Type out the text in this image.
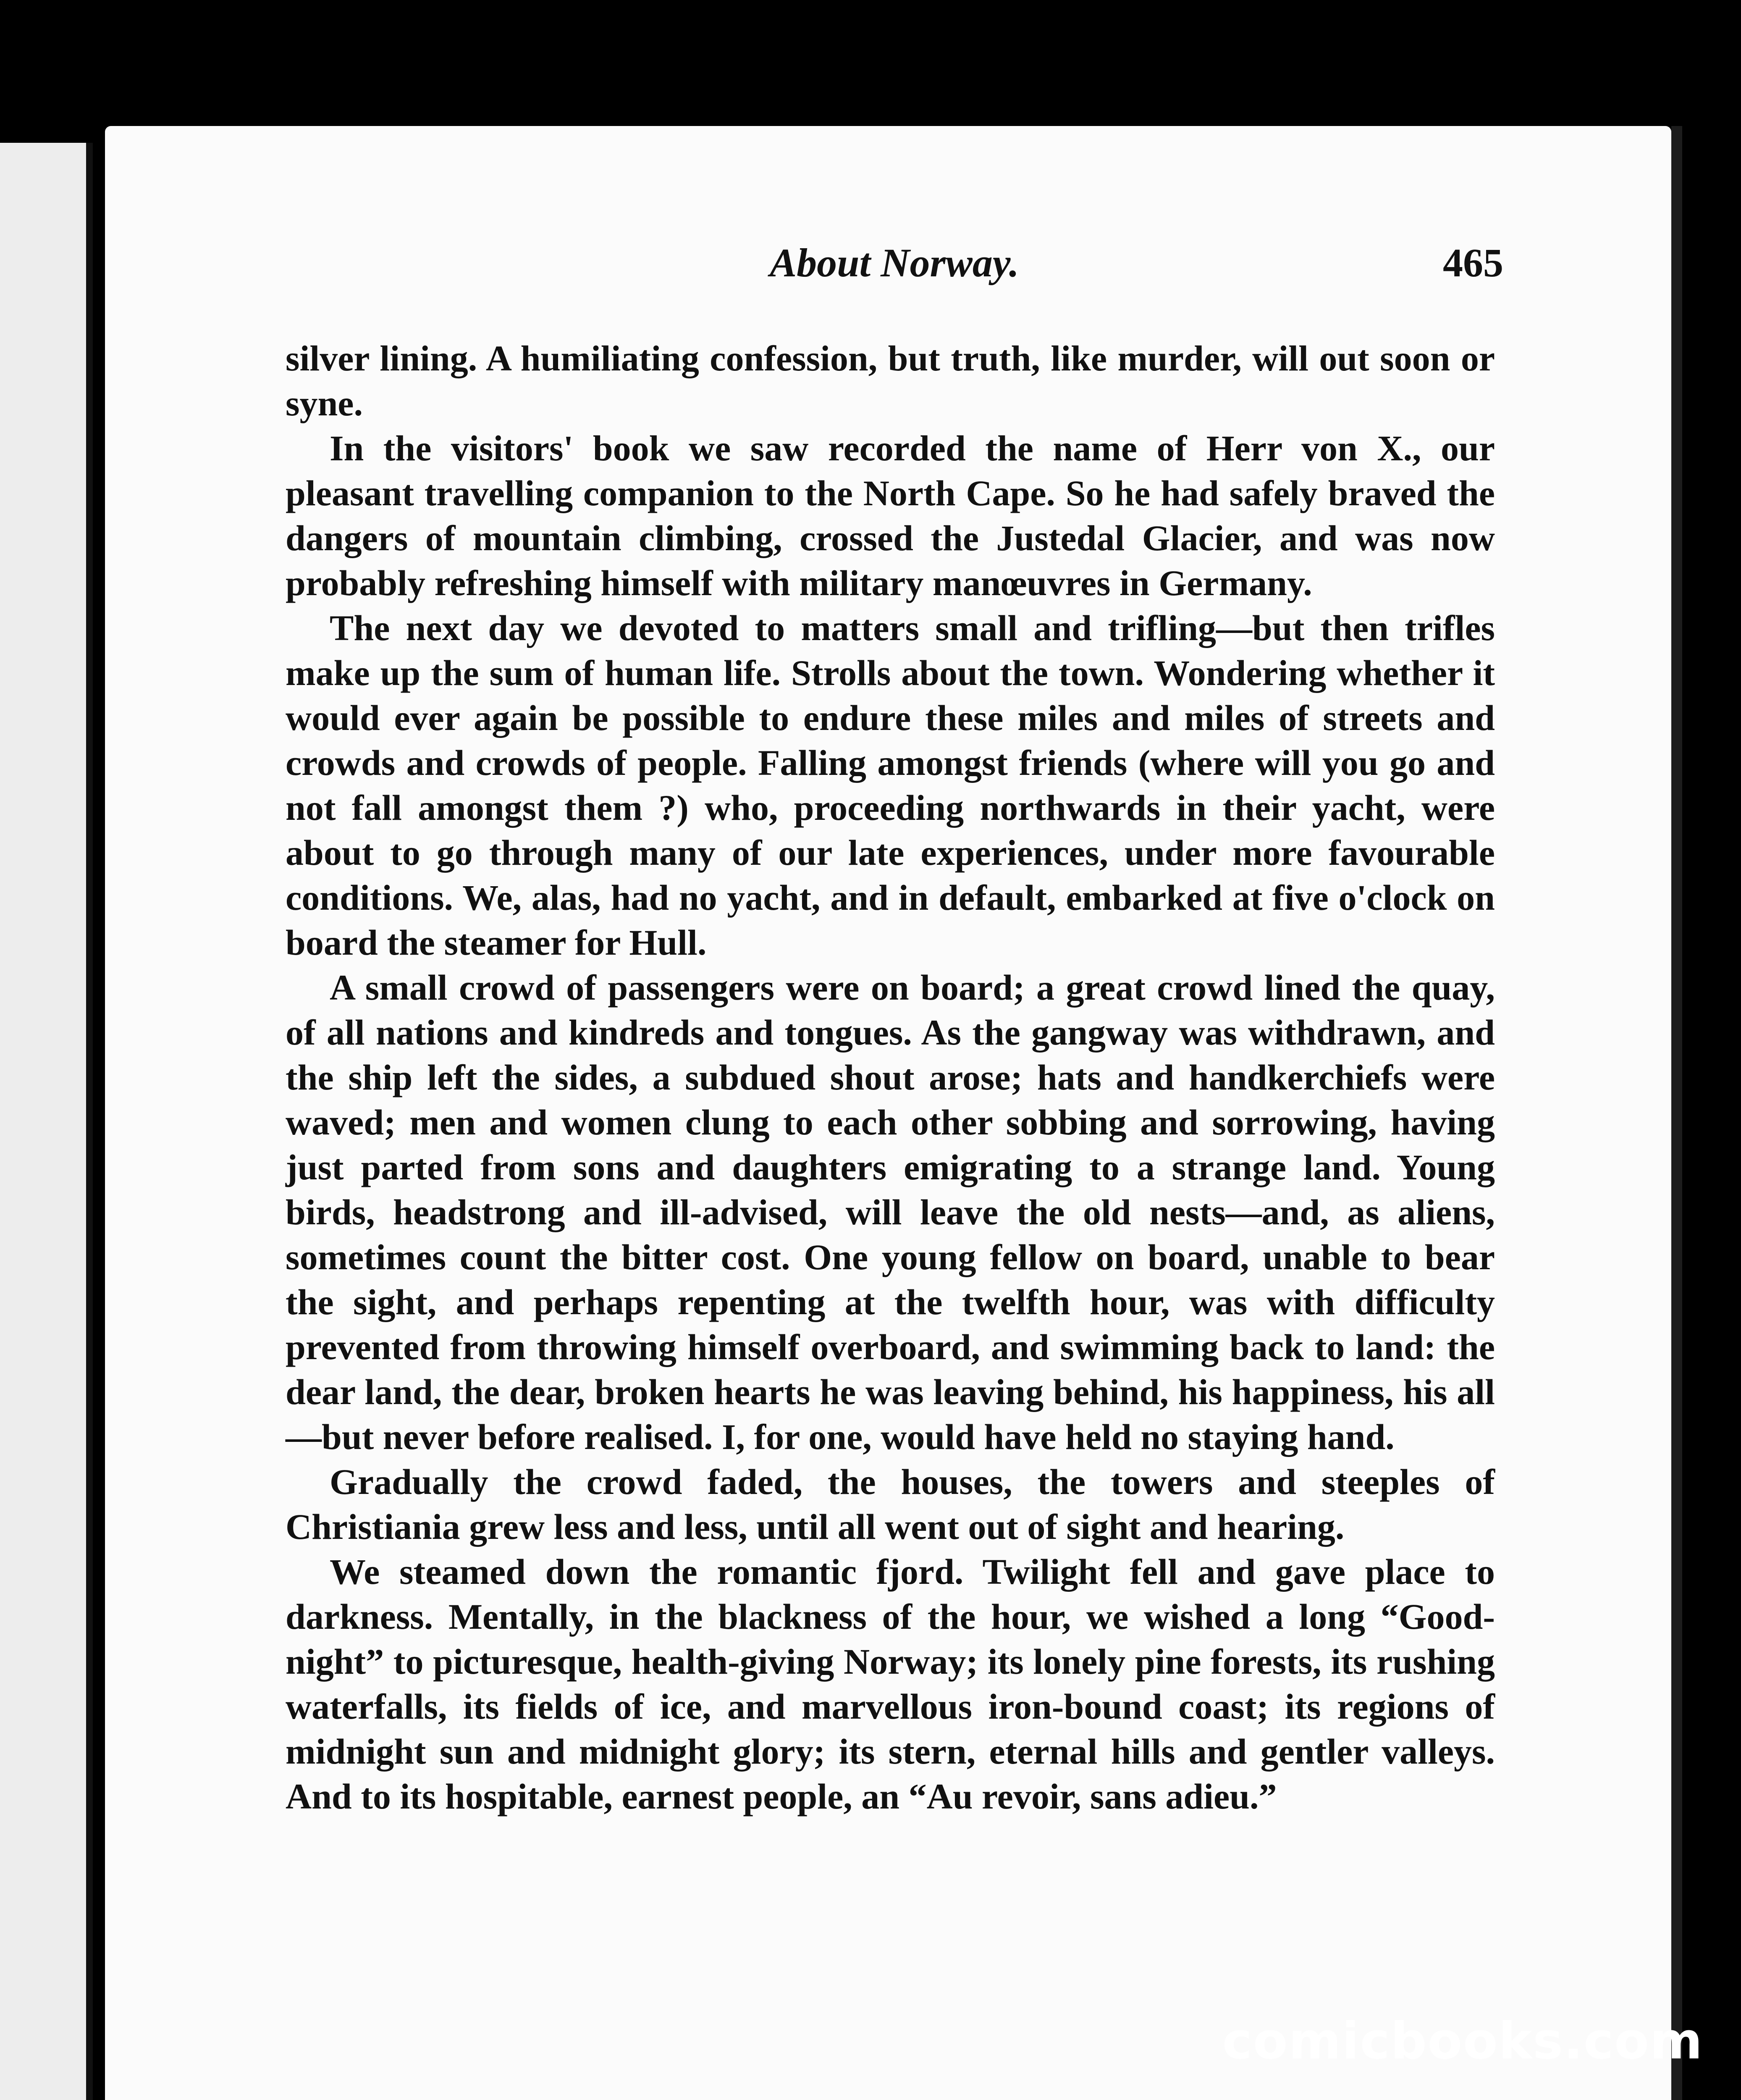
About Norway.	465

silver lining. A humiliating confession, but truth, like murder, will out soon or syne.

In the visitors' book we saw recorded the name of Herr von X., our pleasant travelling companion to the North Cape. So he had safely braved the dangers of mountain climbing, crossed the Justedal Glacier, and was now probably refreshing himself with military manœuvres in Germany.

The next day we devoted to matters small and trifling—but then trifles make up the sum of human life. Strolls about the town. Wondering whether it would ever again be possible to endure these miles and miles of streets and crowds and crowds of people. Falling amongst friends (where will you go and not fall amongst them ?) who, proceeding northwards in their yacht, were about to go through many of our late experiences, under more favourable conditions. We, alas, had no yacht, and in default, embarked at five o'clock on board the steamer for Hull.

A small crowd of passengers were on board; a great crowd lined the quay, of all nations and kindreds and tongues. As the gangway was withdrawn, and the ship left the sides, a subdued shout arose; hats and handkerchiefs were waved; men and women clung to each other sobbing and sorrowing, having just parted from sons and daughters emigrating to a strange land. Young birds, headstrong and ill-advised, will leave the old nests—and, as aliens, sometimes count the bitter cost. One young fellow on board, unable to bear the sight, and perhaps repenting at the twelfth hour, was with difficulty prevented from throwing himself overboard, and swimming back to land: the dear land, the dear, broken hearts he was leaving behind, his happiness, his all—but never before realised. I, for one, would have held no staying hand.

Gradually the crowd faded, the houses, the towers and steeples of Christiania grew less and less, until all went out of sight and hearing.

We steamed down the romantic fjord. Twilight fell and gave place to darkness. Mentally, in the blackness of the hour, we wished a long “Good-night” to picturesque, health-giving Norway; its lonely pine forests, its rushing waterfalls, its fields of ice, and marvellous iron-bound coast; its regions of midnight sun and midnight glory; its stern, eternal hills and gentler valleys. And to its hospitable, earnest people, an “Au revoir, sans adieu.”

comicbooks.com
